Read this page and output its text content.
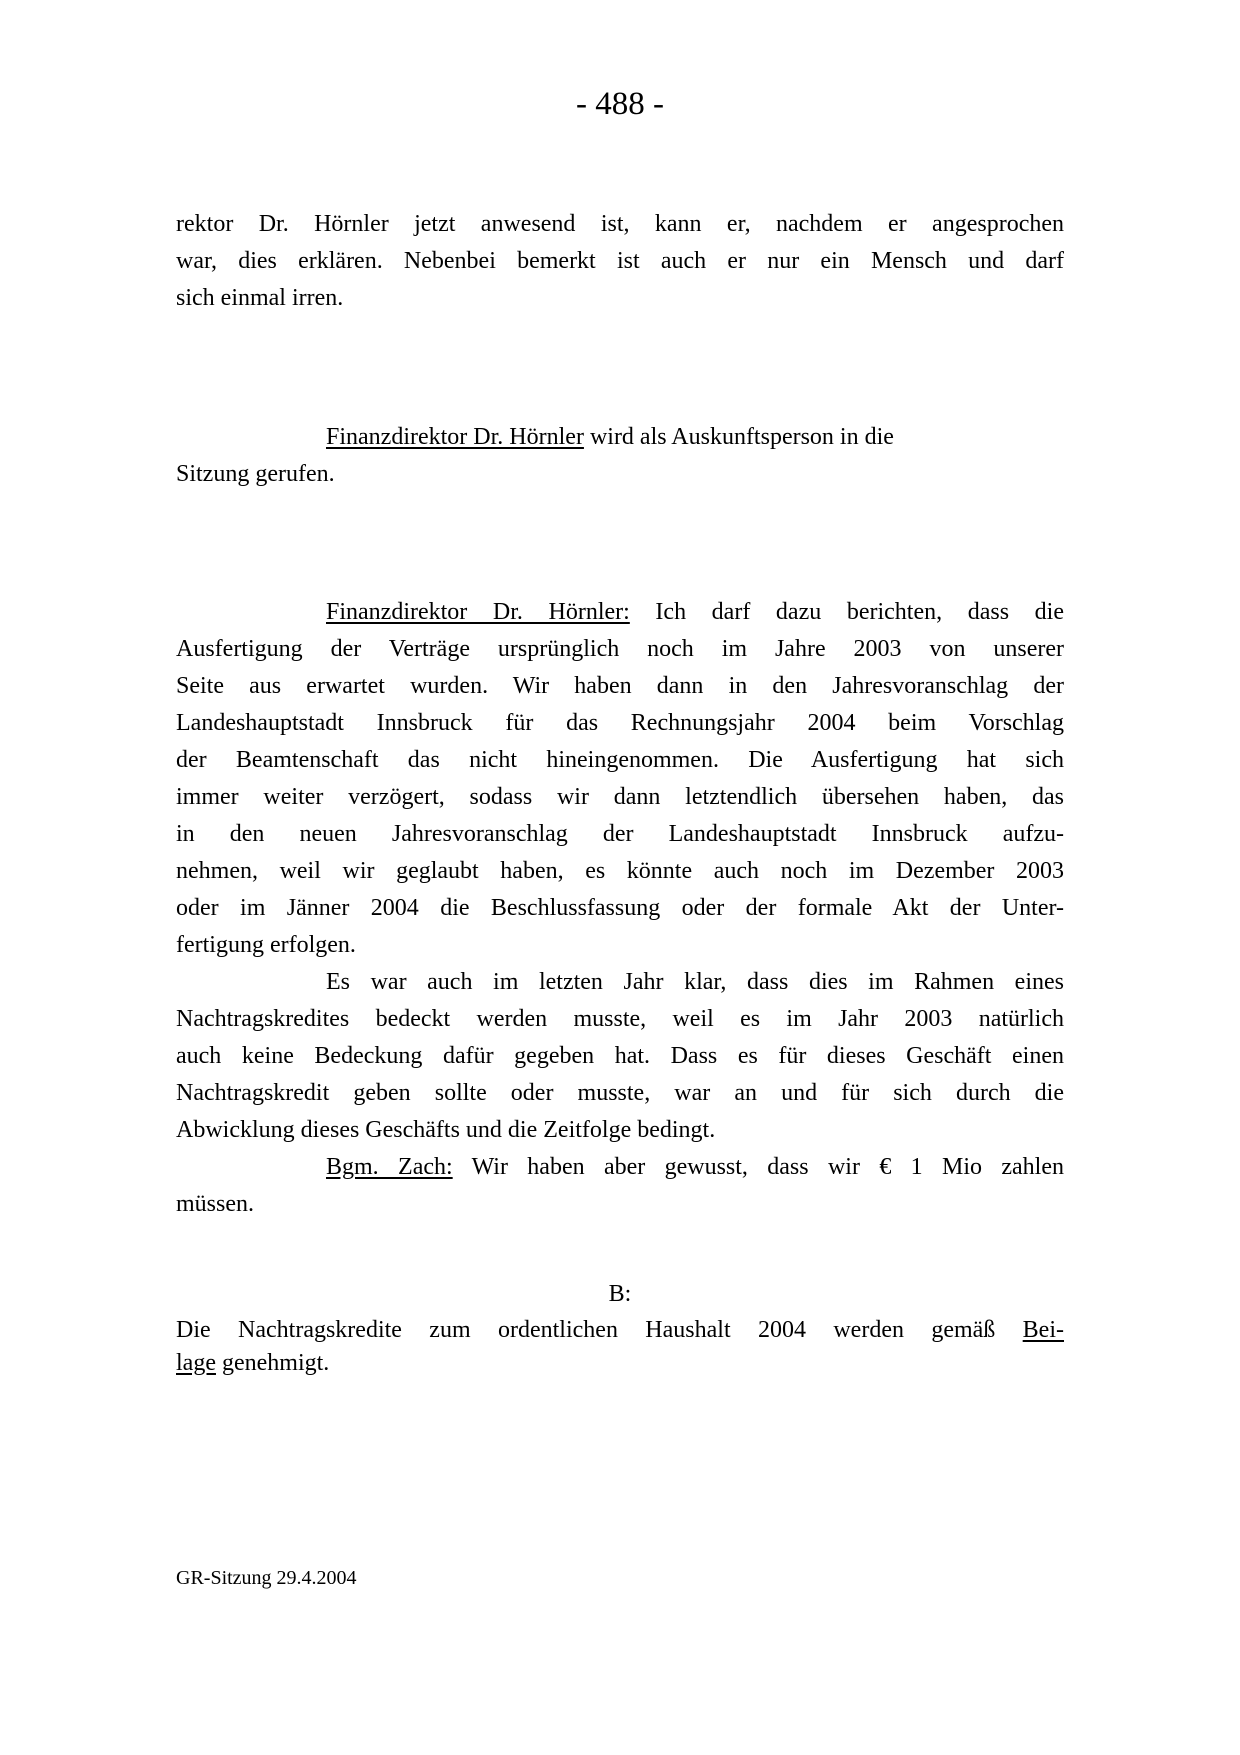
- 488 -
rektor Dr. Hörnler jetzt anwesend ist, kann er, nachdem er angesprochen
war, dies erklären. Nebenbei bemerkt ist auch er nur ein Mensch und darf
sich einmal irren.
Finanzdirektor Dr. Hörnler wird als Auskunftsperson in die
Sitzung gerufen.
Finanzdirektor Dr. Hörnler: Ich darf dazu berichten, dass die
Ausfertigung der Verträge ursprünglich noch im Jahre 2003 von unserer
Seite aus erwartet wurden. Wir haben dann in den Jahresvoranschlag der
Landeshauptstadt Innsbruck für das Rechnungsjahr 2004 beim Vorschlag
der Beamtenschaft das nicht hineingenommen. Die Ausfertigung hat sich
immer weiter verzögert, sodass wir dann letztendlich übersehen haben, das
in den neuen Jahresvoranschlag der Landeshauptstadt Innsbruck aufzu-
nehmen, weil wir geglaubt haben, es könnte auch noch im Dezember 2003
oder im Jänner 2004 die Beschlussfassung oder der formale Akt der Unter-
fertigung erfolgen.
Es war auch im letzten Jahr klar, dass dies im Rahmen eines
Nachtragskredites bedeckt werden musste, weil es im Jahr 2003 natürlich
auch keine Bedeckung dafür gegeben hat. Dass es für dieses Geschäft einen
Nachtragskredit geben sollte oder musste, war an und für sich durch die
Abwicklung dieses Geschäfts und die Zeitfolge bedingt.
Bgm. Zach: Wir haben aber gewusst, dass wir € 1 Mio zahlen
müssen.
B:
Die Nachtragskredite zum ordentlichen Haushalt 2004 werden gemäß Bei-
lage genehmigt.
GR-Sitzung 29.4.2004
